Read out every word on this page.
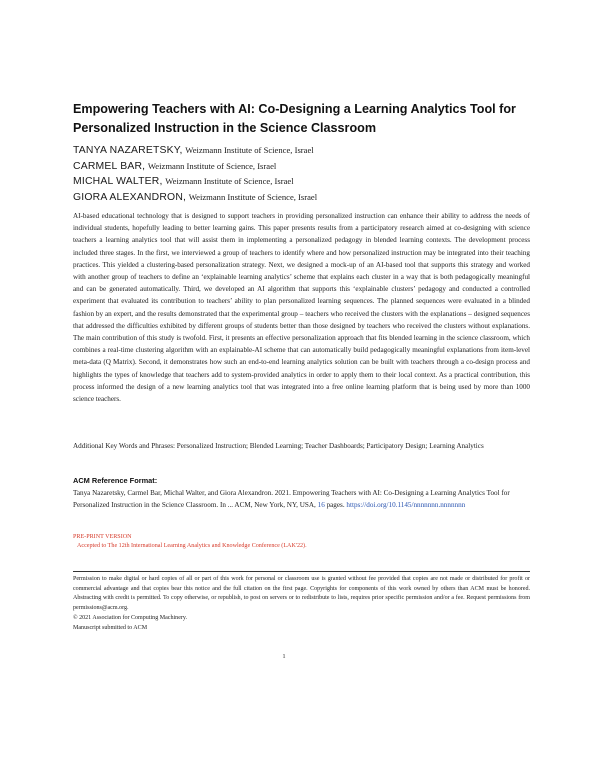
Empowering Teachers with AI: Co-Designing a Learning Analytics Tool for
Personalized Instruction in the Science Classroom
TANYA NAZARETSKY, Weizmann Institute of Science, Israel
CARMEL BAR, Weizmann Institute of Science, Israel
MICHAL WALTER, Weizmann Institute of Science, Israel
GIORA ALEXANDRON, Weizmann Institute of Science, Israel
AI-based educational technology that is designed to support teachers in providing personalized instruction can enhance their ability to address the needs of individual students, hopefully leading to better learning gains. This paper presents results from a participatory research aimed at co-designing with science teachers a learning analytics tool that will assist them in implementing a personalized pedagogy in blended learning contexts. The development process included three stages. In the first, we interviewed a group of teachers to identify where and how personalized instruction may be integrated into their teaching practices. This yielded a clustering-based personalization strategy. Next, we designed a mock-up of an AI-based tool that supports this strategy and worked with another group of teachers to define an ‘explainable learning analytics’ scheme that explains each cluster in a way that is both pedagogically meaningful and can be generated automatically. Third, we developed an AI algorithm that supports this ‘explainable clusters’ pedagogy and conducted a controlled experiment that evaluated its contribution to teachers’ ability to plan personalized learning sequences. The planned sequences were evaluated in a blinded fashion by an expert, and the results demonstrated that the experimental group – teachers who received the clusters with the explanations – designed sequences that addressed the difficulties exhibited by different groups of students better than those designed by teachers who received the clusters without explanations. The main contribution of this study is twofold. First, it presents an effective personalization approach that fits blended learning in the science classroom, which combines a real-time clustering algorithm with an explainable-AI scheme that can automatically build pedagogically meaningful explanations from item-level meta-data (Q Matrix). Second, it demonstrates how such an end-to-end learning analytics solution can be built with teachers through a co-design process and highlights the types of knowledge that teachers add to system-provided analytics in order to apply them to their local context. As a practical contribution, this process informed the design of a new learning analytics tool that was integrated into a free online learning platform that is being used by more than 1000 science teachers.
Additional Key Words and Phrases: Personalized Instruction; Blended Learning; Teacher Dashboards; Participatory Design; Learning Analytics
ACM Reference Format:
Tanya Nazaretsky, Carmel Bar, Michal Walter, and Giora Alexandron. 2021. Empowering Teachers with AI: Co-Designing a Learning Analytics Tool for Personalized Instruction in the Science Classroom. In ... ACM, New York, NY, USA, 16 pages. https://doi.org/10.1145/nnnnnnn.nnnnnnn
PRE-PRINT VERSION
Accepted to The 12th International Learning Analytics and Knowledge Conference (LAK'22).
Permission to make digital or hard copies of all or part of this work for personal or classroom use is granted without fee provided that copies are not made or distributed for profit or commercial advantage and that copies bear this notice and the full citation on the first page. Copyrights for components of this work owned by others than ACM must be honored. Abstracting with credit is permitted. To copy otherwise, or republish, to post on servers or to redistribute to lists, requires prior specific permission and/or a fee. Request permissions from permissions@acm.org.
© 2021 Association for Computing Machinery.
Manuscript submitted to ACM
1
